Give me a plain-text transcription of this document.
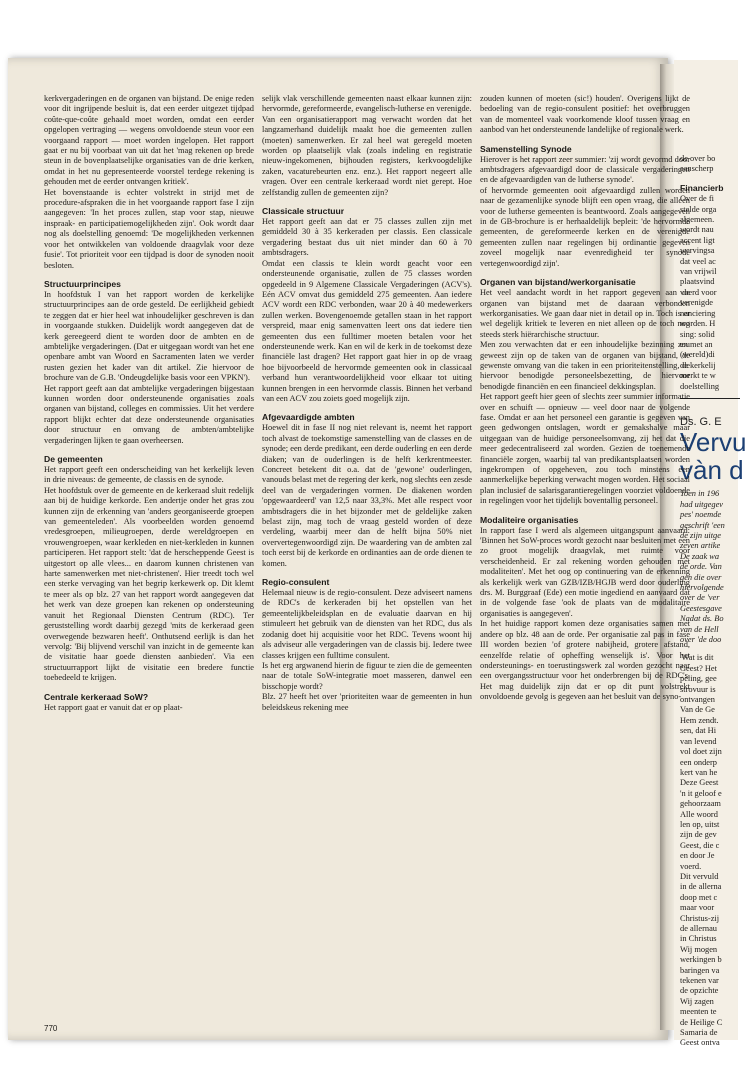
de over bo

aanscherp

Financierb

Over de fi

stelde orga

algemeen.

wordt nau

accent ligt

wervingsa

dat veel ac

van vrijwil

plaatsvind

voerd voor

verenigde

nanciering

worden. H

sing: solid

en met an

(wereld)di

de kerkelij

merkt te w

doelstelling

Ds. G. E
Vervu
vàn d

Toen in 196

had uitgegev

pes' noemde

geschrift 'een

de zijn uitge

zeven artike

De zaak wa

de orde. Van

gen die over

hiervolgende

over de 'ver

Geestesgave

Nadat ds. Bo

van de Hell

over 'de doo

'Wat is dit

Geest? Het

peling, gee

strovuur is

ontvangen

Van de Ge

Hem zendt.

sen, dat Hi

van levend

vol doet zijn

een onderp

kert van he

Deze Geest

'n it geloof e

gehoorzaam

Alle woord

len op, uitst

zijn de gev

Geest, die c

en door Je

voerd.

Dit vervuld

in de allerna

doop met c

maar voor

Christus-zij

de allernau

in Christus

Wij mogen

werkingen b

baringen va

tekenen var

de opzichte

Wij zagen

meenten te

de Heilige C

Samaria de

Geest ontva

kerkvergaderingen en de organen van bijstand. De enige reden voor dit ingrijpende besluit is, dat een eerder uitgezet tijdpad coûte-que-coûte gehaald moet worden, omdat een eerder opgelopen vertraging — wegens onvoldoende steun voor een voorgaand rapport — moet worden ingelopen. Het rapport gaat er nu bij voorbaat van uit dat het 'mag rekenen op brede steun in de bovenplaatselijke organisaties van de drie kerken, omdat in het nu gepresenteerde voorstel terdege rekening is gehouden met de eerder ontvangen kritiek'.

Het bovenstaande is echter volstrekt in strijd met de procedure-afspraken die in het voorgaande rapport fase I zijn aangegeven: 'In het proces zullen, stap voor stap, nieuwe inspraak- en participatiemogelijkheden zijn'. Ook wordt daar nog als doelstelling genoemd: 'De mogelijkheden verkennen voor het ontwikkelen van voldoende draagvlak voor deze fusie'. Tot prioriteit voor een tijdpad is door de synoden nooit besloten.

Structuurprincipes

In hoofdstuk I van het rapport worden de kerkelijke structuurprincipes aan de orde gesteld. De eerlijkheid gebiedt te zeggen dat er hier heel wat inhoudelijker geschreven is dan in voorgaande stukken. Duidelijk wordt aangegeven dat de kerk gereegeerd dient te worden door de ambten en de ambtelijke vergaderingen. (Dat er uitgegaan wordt van het ene openbare ambt van Woord en Sacramenten laten we verder rusten gezien het kader van dit artikel. Zie hiervoor de brochure van de G.B. 'Ondeugdelijke basis voor een VPKN').

Het rapport geeft aan dat ambtelijke vergaderingen bijgestaan kunnen worden door ondersteunende organisaties zoals organen van bijstand, colleges en commissies. Uit het verdere rapport blijkt echter dat deze ondersteunende organisaties door structuur en omvang de ambten/ambtelijke vergaderingen lijken te gaan overheersen.

De gemeenten

Het rapport geeft een onderscheiding van het kerkelijk leven in drie niveaus: de gemeente, de classis en de synode.

Het hoofdstuk over de gemeente en de kerkeraad sluit redelijk aan bij de huidige kerkorde. Een andertje onder het gras zou kunnen zijn de erkenning van 'anders georganiseerde groepen van gemeenteleden'. Als voorbeelden worden genoemd vredesgroepen, milieugroepen, derde wereldgroepen en vrouwengroepen, waar kerkleden en niet-kerkleden in kunnen participeren. Het rapport stelt: 'dat de herscheppende Geest is uitgestort op alle vlees... en daarom kunnen christenen van harte samenwerken met niet-christenen'. Hier treedt toch wel een sterke vervaging van het begrip kerkewerk op. Dit klemt te meer als op blz. 27 van het rapport wordt aangegeven dat het werk van deze groepen kan rekenen op ondersteuning vanuit het Regionaal Diensten Centrum (RDC). Ter geruststelling wordt daarbij gezegd 'mits de kerkeraad geen overwegende bezwaren heeft'. Onthutsend eerlijk is dan het vervolg: 'Bij blijvend verschil van inzicht in de gemeente kan de visitatie haar goede diensten aanbieden'. Via een structuurrapport lijkt de visitatie een bredere functie toebedeeld te krijgen.

Centrale kerkeraad SoW?

Het rapport gaat er vanuit dat er op plaat-

selijk vlak verschillende gemeenten naast elkaar kunnen zijn: hervormde, gereformeerde, evangelisch-lutherse en verenigde.

Van een organisatierapport mag verwacht worden dat het langzamerhand duidelijk maakt hoe die gemeenten zullen (moeten) samenwerken. Er zal heel wat geregeld moeten worden op plaatselijk vlak (zoals indeling en registratie nieuw-ingekomenen, bijhouden registers, kerkvoogdelijke zaken, vacaturebeurten enz. enz.). Het rapport negeert alle vragen. Over een centrale kerkeraad wordt niet gerept. Hoe zelfstandig zullen de gemeenten zijn?

Classicale structuur

Het rapport geeft aan dat er 75 classes zullen zijn met gemiddeld 30 à 35 kerkeraden per classis. Een classicale vergadering bestaat dus uit niet minder dan 60 à 70 ambtsdragers.

Omdat een classis te klein wordt geacht voor een ondersteunende organisatie, zullen de 75 classes worden opgedeeld in 9 Algemene Classicale Vergaderingen (ACV's). Eén ACV omvat dus gemiddeld 275 gemeenten. Aan iedere ACV wordt een RDC verbonden, waar 20 à 40 medewerkers zullen werken. Bovengenoemde getallen staan in het rapport verspreid, maar enig samenvatten leert ons dat iedere tien gemeenten dus een fulltimer moeten betalen voor het ondersteunende werk. Kan en wil de kerk in de toekomst deze financiële last dragen? Het rapport gaat hier in op de vraag hoe bijvoorbeeld de hervormde gemeenten ook in classicaal verband hun verantwoordelijkheid voor elkaar tot uiting kunnen brengen in een hervormde classis. Binnen het verband van een ACV zou zoiets goed mogelijk zijn.

Afgevaardigde ambten

Hoewel dit in fase II nog niet relevant is, neemt het rapport toch alvast de toekomstige samenstelling van de classes en de synode; een derde predikant, een derde ouderling en een derde diaken; van de ouderlingen is de helft kerkrentmeester. Concreet betekent dit o.a. dat de 'gewone' ouderlingen, vanouds belast met de regering der kerk, nog slechts een zesde deel van de vergaderingen vormen. De diakenen worden 'opgewaardeerd' van 12,5 naar 33,3%. Met alle respect voor ambtsdragers die in het bijzonder met de geldelijke zaken belast zijn, mag toch de vraag gesteld worden of deze verdeling, waarbij meer dan de helft bijna 50% niet oververtegenwoordigd zijn. De waardering van de ambten zal toch eerst bij de kerkorde en ordinanties aan de orde dienen te komen.

Regio-consulent

Helemaal nieuw is de regio-consulent. Deze adviseert namens de RDC's de kerkeraden bij het opstellen van het gemeentelijkbeleidsplan en de evaluatie daarvan en hij stimuleert het gebruik van de diensten van het RDC, dus als zodanig doet hij acquisitie voor het RDC. Tevens woont hij als adviseur alle vergaderingen van de classis bij. Iedere twee classes krijgen een fulltime consulent.

Is het erg argwanend hierin de figuur te zien die de gemeenten naar de totale SoW-integratie moet masseren, danwel een bisschopje wordt?

Blz. 27 heeft het over 'prioriteiten waar de gemeenten in hun beleidskeus rekening mee

zouden kunnen of moeten (sic!) houden'. Overigens lijkt de bedoeling van de regio-consulent positief: het overbruggen van de momenteel vaak voorkomende kloof tussen vraag en aanbod van het ondersteunende landelijke of regionale werk.

Samenstelling Synode

Hierover is het rapport zeer summier: 'zij wordt gevormd door ambtsdragers afgevaardigd door de classicale vergaderingen en de afgevaardigden van de lutherse synode'.

of hervormde gemeenten ooit afgevaardigd zullen worden naar de gezamenlijke synode blijft een open vraag, die alleen voor de lutherse gemeenten is beantwoord. Zoals aangegeven in de GB-brochure is er herhaaldelijk bepleit: 'de hervormde gemeenten, de gereformeerde kerken en de verenigde gemeenten zullen naar regelingen bij ordinantie gegeven zoveel mogelijk naar evenredigheid ter synode vertegenwoordigd zijn'.

Organen van bijstand/werkorganisatie

Het veel aandacht wordt in het rapport gegeven aan de organen van bijstand met de daaraan verbonden werkorganisaties. We gaan daar niet in detail op in. Toch is er wel degelijk kritiek te leveren en niet alleen op de toch nog steeds sterk hiërarchische structuur.

Men zou verwachten dat er een inhoudelijke bezinning zou geweest zijn op de taken van de organen van bijstand, de gewenste omvang van die taken in een prioriteitenstelling, de hiervoor benodigde personeelsbezetting, de hiervoor benodigde financiën en een financieel dekkingsplan.

Het rapport geeft hier geen of slechts zeer summier informatie over en schuift — opnieuw — veel door naar de volgende fase. Omdat er aan het personeel een garantie is gegeven van geen gedwongen ontslagen, wordt er gemakshalve maar uitgegaan van de huidige personeelsomvang, zij het dat die meer gedecentraliseerd zal worden. Gezien de toenemende financiële zorgen, waarbij tal van predikantsplaatsen worden ingekrompen of opgeheven, zou toch minstens een aanmerkelijke beperking verwacht mogen worden. Het sociaal plan inclusief de salarisgarantieregelingen voorziet voldoende in regelingen voor het tijdelijk boventallig personeel.

Modaliteire organisaties

In rapport fase I werd als algemeen uitgangspunt aanvaard: 'Binnen het SoW-proces wordt gezocht naar besluiten met een zo groot mogelijk draagvlak, met ruimte voor verscheidenheid. Er zal rekening worden gehouden met modaliteiten'. Met het oog op continuering van de erkenning als kerkelijk werk van GZB/IZB/HGJB werd door ouderling drs. M. Burggraaf (Ede) een motie ingediend en aanvaard dat in de volgende fase 'ook de plaats van de modalitaire organisaties is aangegeven'.

In het huidige rapport komen deze organisaties samen met andere op blz. 48 aan de orde. Per organisatie zal pas in fase III worden bezien 'of grotere nabijheid, grotere afstand, eenzelfde relatie of opheffing wenselijk is'. Voor het ondersteunings- en toerustingswerk zal worden gezocht naar een overgangsstructuur voor het onderbrengen bij de RDC's. Het mag duidelijk zijn dat er op dit punt volstrekt onvoldoende gevolg is gegeven aan het besluit van de syno-

770
